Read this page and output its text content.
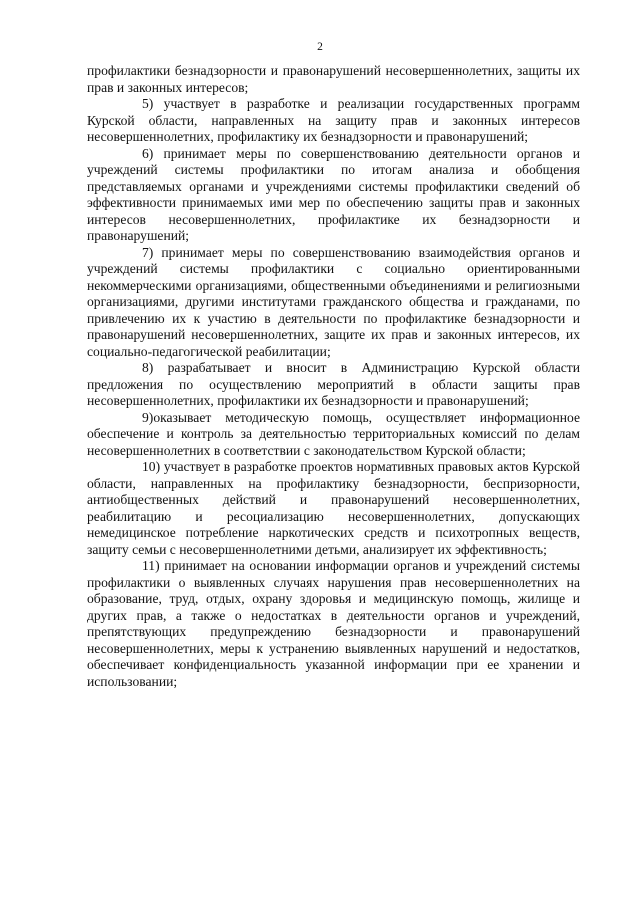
2

профилактики безнадзорности и правонарушений несовершеннолетних, защиты их прав и законных интересов;

5) участвует в разработке и реализации государственных программ Курской области, направленных на защиту прав и законных интересов несовершеннолетних, профилактику их безнадзорности и правонарушений;

6) принимает меры по совершенствованию деятельности органов и учреждений системы профилактики по итогам анализа и обобщения представляемых органами и учреждениями системы профилактики сведений об эффективности принимаемых ими мер по обеспечению защиты прав и законных интересов несовершеннолетних, профилактике их безнадзорности и правонарушений;

7) принимает меры по совершенствованию взаимодействия органов и учреждений системы профилактики с социально ориентированными некоммерческими организациями, общественными объединениями и религиозными организациями, другими институтами гражданского общества и гражданами, по привлечению их к участию в деятельности по профилактике безнадзорности и правонарушений несовершеннолетних, защите их прав и законных интересов, их социально-педагогической реабилитации;

8) разрабатывает и вносит в Администрацию Курской области предложения по осуществлению мероприятий в области защиты прав несовершеннолетних, профилактики их безнадзорности и правонарушений;

9)оказывает методическую помощь, осуществляет информационное обеспечение и контроль за деятельностью территориальных комиссий по делам несовершеннолетних в соответствии с законодательством Курской области;

10) участвует в разработке проектов нормативных правовых актов Курской области, направленных на профилактику безнадзорности, беспризорности, антиобщественных действий и правонарушений несовершеннолетних, реабилитацию и ресоциализацию несовершеннолетних, допускающих немедицинское потребление наркотических средств и психотропных веществ, защиту семьи с несовершеннолетними детьми, анализирует их эффективность;

11) принимает на основании информации органов и учреждений системы профилактики о выявленных случаях нарушения прав несовершеннолетних на образование, труд, отдых, охрану здоровья и медицинскую помощь, жилище и других прав, а также о недостатках в деятельности органов и учреждений, препятствующих предупреждению безнадзорности и правонарушений несовершеннолетних, меры к устранению выявленных нарушений и недостатков, обеспечивает конфиденциальность указанной информации при ее хранении и использовании;
